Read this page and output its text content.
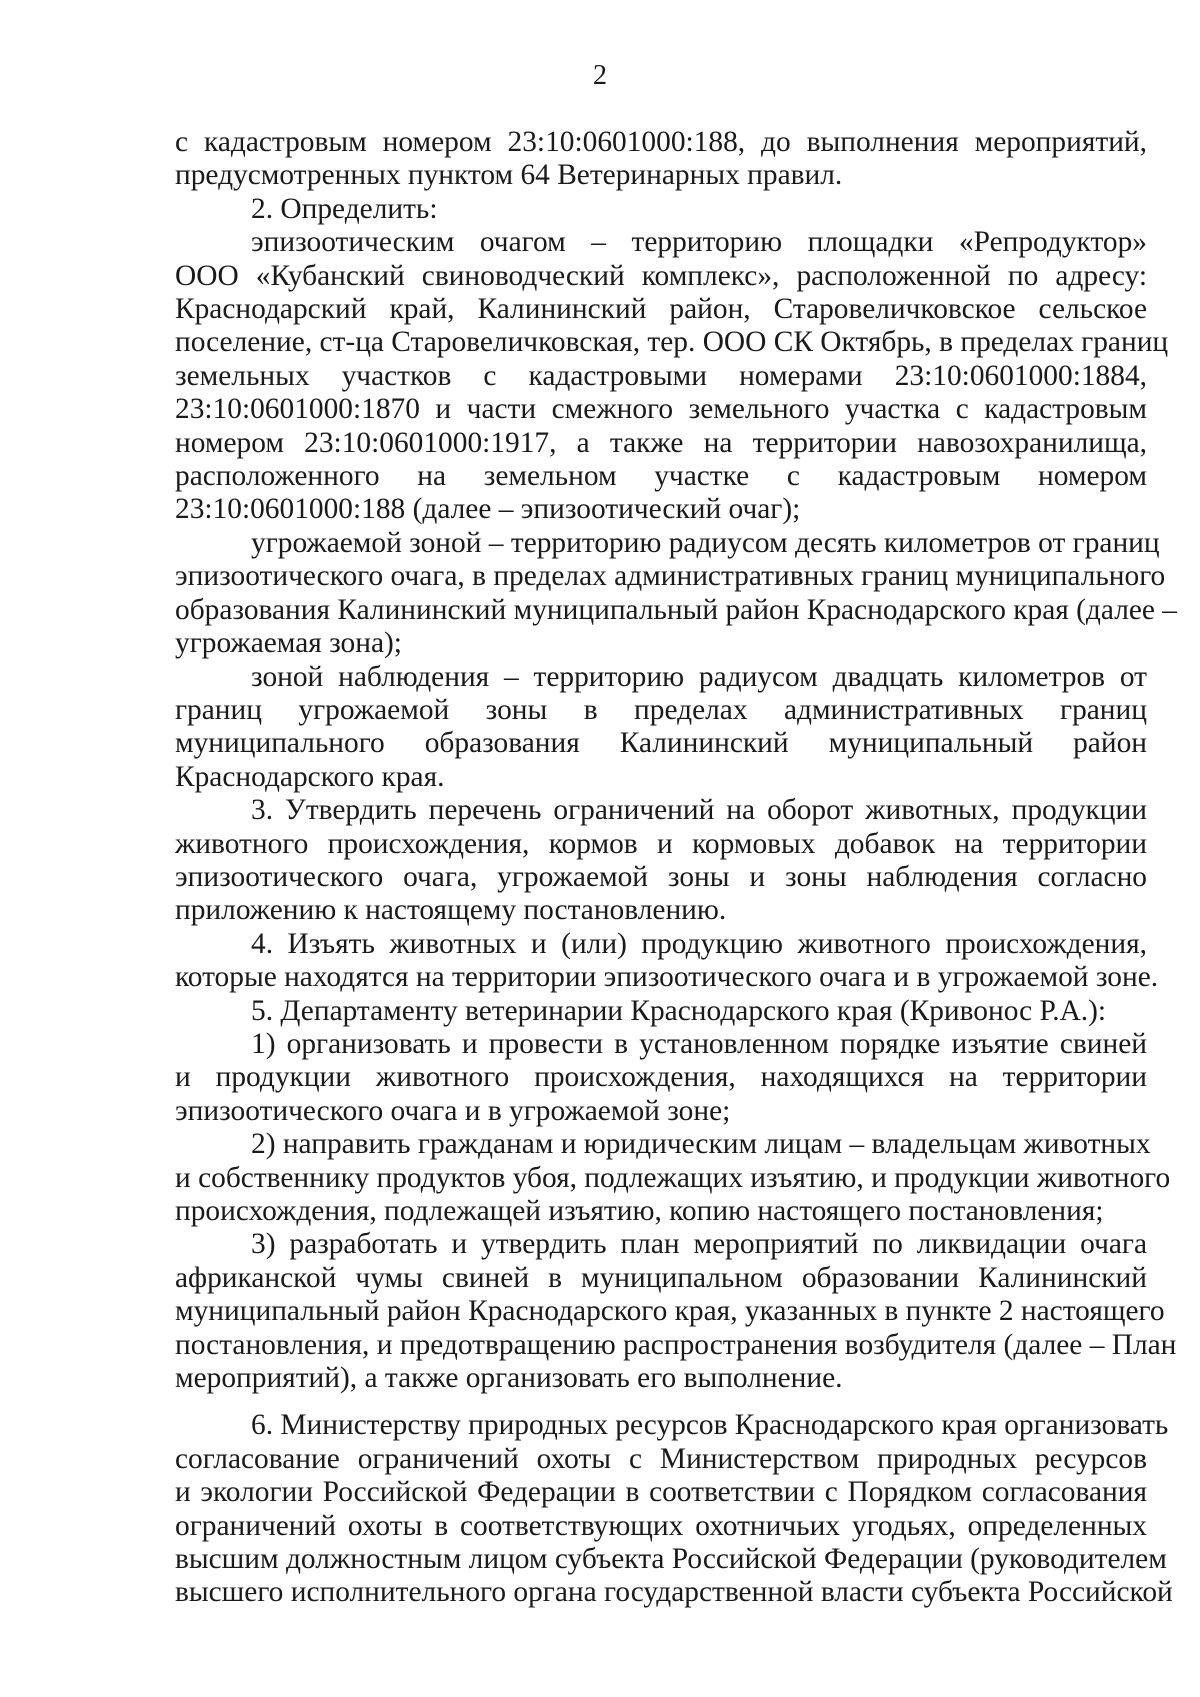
2
с кадастровым номером 23:10:0601000:188, до выполнения мероприятий,
предусмотренных пунктом 64 Ветеринарных правил.
2. Определить:
эпизоотическим очагом – территорию площадки «Репродуктор»
ООО «Кубанский свиноводческий комплекс», расположенной по адресу:
Краснодарский край, Калининский район, Старовеличковское сельское
поселение, ст-ца Старовеличковская, тер. ООО СК Октябрь, в пределах границ
земельных участков с кадастровыми номерами 23:10:0601000:1884,
23:10:0601000:1870 и части смежного земельного участка с кадастровым
номером 23:10:0601000:1917, а также на территории навозохранилища,
расположенного на земельном участке с кадастровым номером
23:10:0601000:188 (далее – эпизоотический очаг);
угрожаемой зоной – территорию радиусом десять километров от границ
эпизоотического очага, в пределах административных границ муниципального
образования Калининский муниципальный район Краснодарского края (далее –
угрожаемая зона);
зоной наблюдения – территорию радиусом двадцать километров от
границ угрожаемой зоны в пределах административных границ
муниципального образования Калининский муниципальный район
Краснодарского края.
3. Утвердить перечень ограничений на оборот животных, продукции
животного происхождения, кормов и кормовых добавок на территории
эпизоотического очага, угрожаемой зоны и зоны наблюдения согласно
приложению к настоящему постановлению.
4. Изъять животных и (или) продукцию животного происхождения,
которые находятся на территории эпизоотического очага и в угрожаемой зоне.
5. Департаменту ветеринарии Краснодарского края (Кривонос Р.А.):
1) организовать и провести в установленном порядке изъятие свиней
и продукции животного происхождения, находящихся на территории
эпизоотического очага и в угрожаемой зоне;
2) направить гражданам и юридическим лицам – владельцам животных
и собственнику продуктов убоя, подлежащих изъятию, и продукции животного
происхождения, подлежащей изъятию, копию настоящего постановления;
3) разработать и утвердить план мероприятий по ликвидации очага
африканской чумы свиней в муниципальном образовании Калининский
муниципальный район Краснодарского края, указанных в пункте 2 настоящего
постановления, и предотвращению распространения возбудителя (далее – План
мероприятий), а также организовать его выполнение.
6. Министерству природных ресурсов Краснодарского края организовать
согласование ограничений охоты с Министерством природных ресурсов
и экологии Российской Федерации в соответствии с Порядком согласования
ограничений охоты в соответствующих охотничьих угодьях, определенных
высшим должностным лицом субъекта Российской Федерации (руководителем
высшего исполнительного органа государственной власти субъекта Российской
